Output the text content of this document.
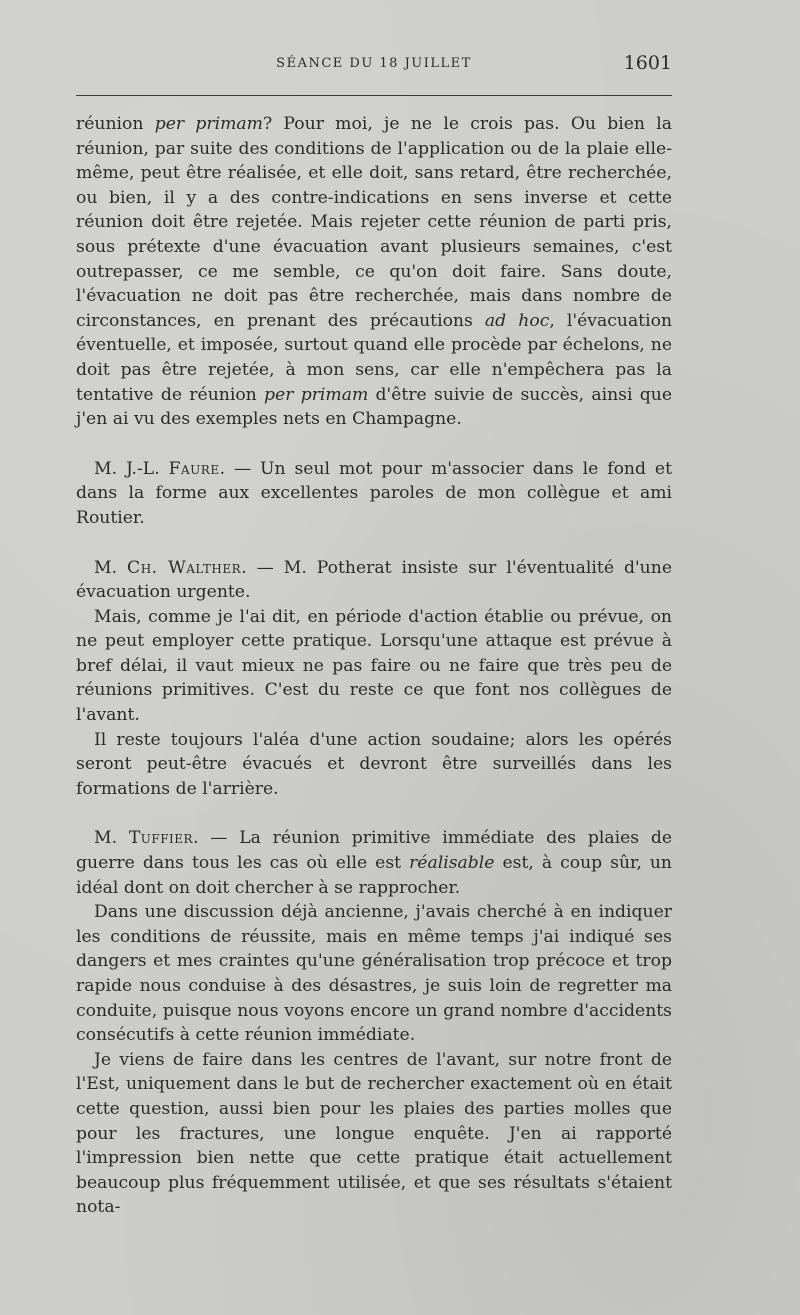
SÉANCE DU 18 JUILLET	1601

réunion per primam? Pour moi, je ne le crois pas. Ou bien la réunion, par suite des conditions de l'application ou de la plaie elle-même, peut être réalisée, et elle doit, sans retard, être recherchée, ou bien, il y a des contre-indications en sens inverse et cette réunion doit être rejetée. Mais rejeter cette réunion de parti pris, sous prétexte d'une évacuation avant plusieurs semaines, c'est outrepasser, ce me semble, ce qu'on doit faire. Sans doute, l'évacuation ne doit pas être recherchée, mais dans nombre de circonstances, en prenant des précautions ad hoc, l'évacuation éventuelle, et imposée, surtout quand elle procède par échelons, ne doit pas être rejetée, à mon sens, car elle n'empêchera pas la tentative de réunion per primam d'être suivie de succès, ainsi que j'en ai vu des exemples nets en Champagne.

M. J.-L. Faure. — Un seul mot pour m'associer dans le fond et dans la forme aux excellentes paroles de mon collègue et ami Routier.

M. Ch. Walther. — M. Potherat insiste sur l'éventualité d'une évacuation urgente.

Mais, comme je l'ai dit, en période d'action établie ou prévue, on ne peut employer cette pratique. Lorsqu'une attaque est prévue à bref délai, il vaut mieux ne pas faire ou ne faire que très peu de réunions primitives. C'est du reste ce que font nos collègues de l'avant.

Il reste toujours l'aléa d'une action soudaine; alors les opérés seront peut-être évacués et devront être surveillés dans les formations de l'arrière.

M. Tuffier. — La réunion primitive immédiate des plaies de guerre dans tous les cas où elle est réalisable est, à coup sûr, un idéal dont on doit chercher à se rapprocher.

Dans une discussion déjà ancienne, j'avais cherché à en indiquer les conditions de réussite, mais en même temps j'ai indiqué ses dangers et mes craintes qu'une généralisation trop précoce et trop rapide nous conduise à des désastres, je suis loin de regretter ma conduite, puisque nous voyons encore un grand nombre d'accidents consécutifs à cette réunion immédiate.

Je viens de faire dans les centres de l'avant, sur notre front de l'Est, uniquement dans le but de rechercher exactement où en était cette question, aussi bien pour les plaies des parties molles que pour les fractures, une longue enquête. J'en ai rapporté l'impression bien nette que cette pratique était actuellement beaucoup plus fréquemment utilisée, et que ses résultats s'étaient nota-
